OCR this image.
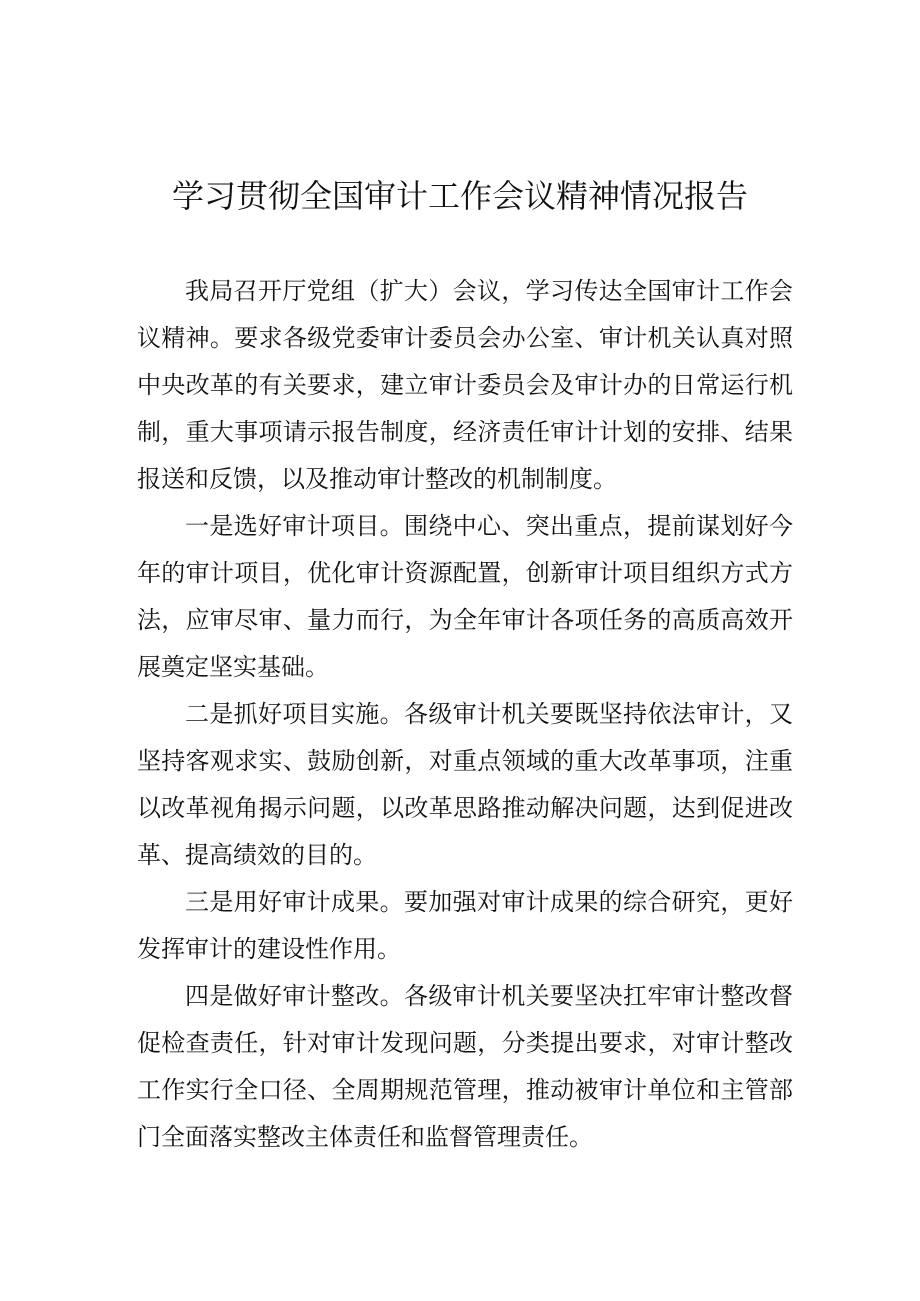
学习贯彻全国审计工作会议精神情况报告

我局召开厅党组（扩大）会议，学习传达全国审计工作会议精神。要求各级党委审计委员会办公室、审计机关认真对照中央改革的有关要求，建立审计委员会及审计办的日常运行机制，重大事项请示报告制度，经济责任审计计划的安排、结果报送和反馈，以及推动审计整改的机制制度。

一是选好审计项目。围绕中心、突出重点，提前谋划好今年的审计项目，优化审计资源配置，创新审计项目组织方式方法，应审尽审、量力而行，为全年审计各项任务的高质高效开展奠定坚实基础。

二是抓好项目实施。各级审计机关要既坚持依法审计，又坚持客观求实、鼓励创新，对重点领域的重大改革事项，注重以改革视角揭示问题，以改革思路推动解决问题，达到促进改革、提高绩效的目的。

三是用好审计成果。要加强对审计成果的综合研究，更好发挥审计的建设性作用。

四是做好审计整改。各级审计机关要坚决扛牢审计整改督促检查责任，针对审计发现问题，分类提出要求，对审计整改工作实行全口径、全周期规范管理，推动被审计单位和主管部门全面落实整改主体责任和监督管理责任。
